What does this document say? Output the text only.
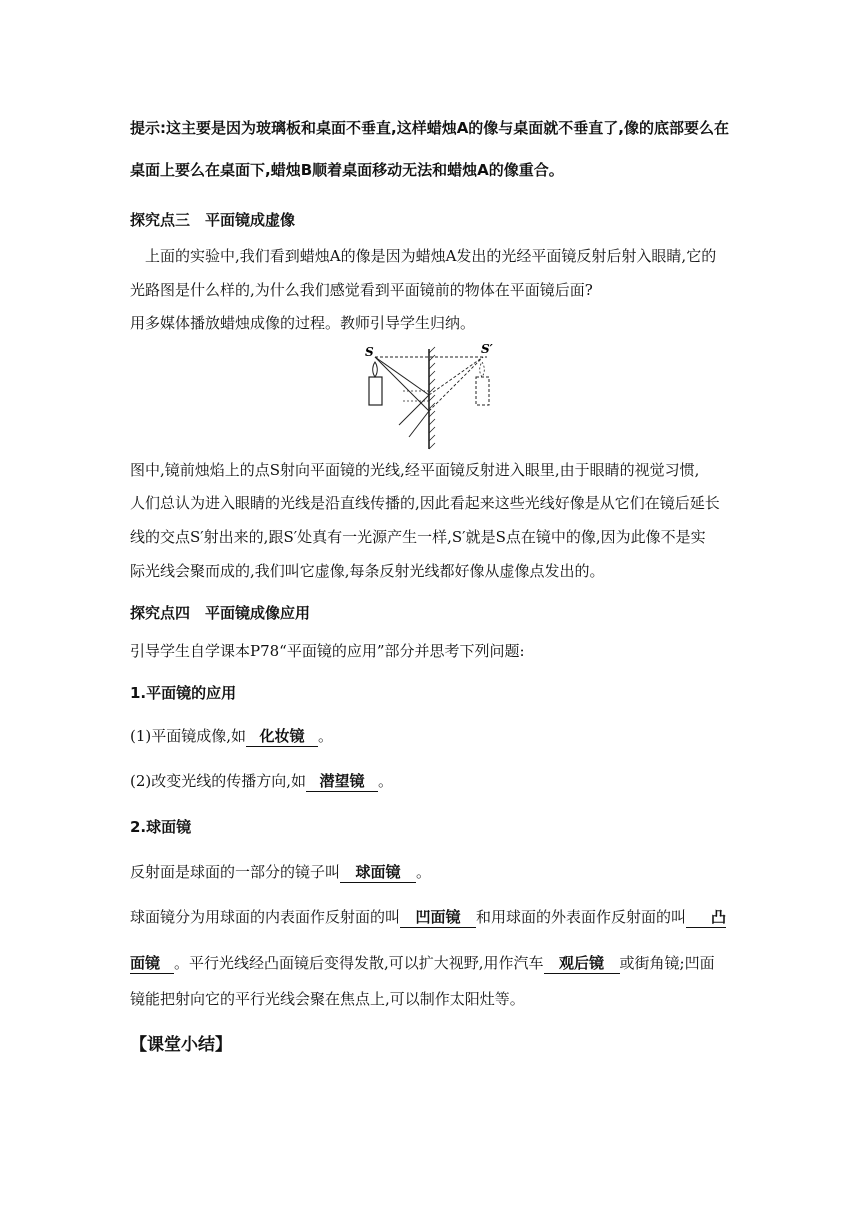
提示:这主要是因为玻璃板和桌面不垂直,这样蜡烛A的像与桌面就不垂直了,像的底部要么在
桌面上要么在桌面下,蜡烛B顺着桌面移动无法和蜡烛A的像重合。
探究点三　平面镜成虚像
　上面的实验中,我们看到蜡烛A的像是因为蜡烛A发出的光经平面镜反射后射入眼睛,它的
光路图是什么样的,为什么我们感觉看到平面镜前的物体在平面镜后面?
用多媒体播放蜡烛成像的过程。教师引导学生归纳。
S	S′
图中,镜前烛焰上的点S射向平面镜的光线,经平面镜反射进入眼里,由于眼睛的视觉习惯,
人们总认为进入眼睛的光线是沿直线传播的,因此看起来这些光线好像是从它们在镜后延长
线的交点S′射出来的,跟S′处真有一光源产生一样,S′就是S点在镜中的像,因为此像不是实
际光线会聚而成的,我们叫它虚像,每条反射光线都好像从虚像点发出的。
探究点四　平面镜成像应用
引导学生自学课本P78“平面镜的应用”部分并思考下列问题:
1.平面镜的应用
(1)平面镜成像,如 化妆镜 。
(2)改变光线的传播方向,如 潜望镜 。
2.球面镜
反射面是球面的一部分的镜子叫 球面镜 。
球面镜分为用球面的内表面作反射面的叫 凹面镜 和用球面的外表面作反射面的叫 凸
面镜 。平行光线经凸面镜后变得发散,可以扩大视野,用作汽车 观后镜 或街角镜;凹面
镜能把射向它的平行光线会聚在焦点上,可以制作太阳灶等。
【课堂小结】
